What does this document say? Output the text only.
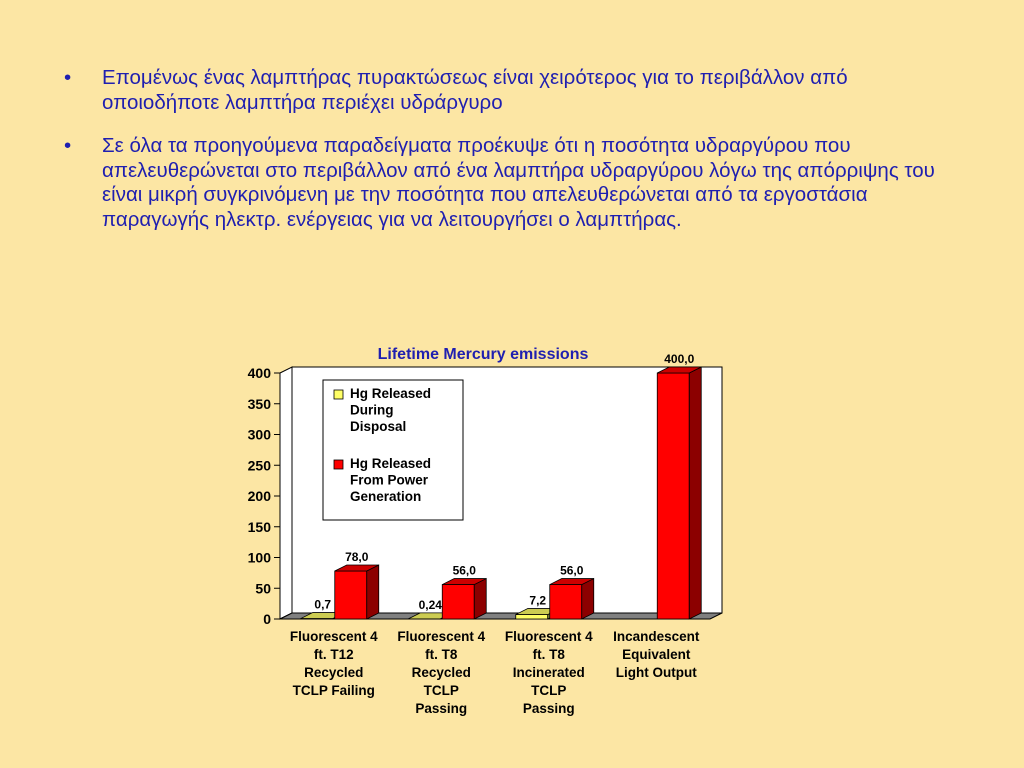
•	Επομένως ένας λαμπτήρας πυρακτώσεως είναι χειρότερος για το περιβάλλον από οποιοδήποτε λαμπτήρα περιέχει υδράργυρο
•	Σε όλα τα προηγούμενα παραδείγματα προέκυψε ότι η ποσότητα υδραργύρου που απελευθερώνεται στο περιβάλλον από ένα λαμπτήρα υδραργύρου λόγω της απόρριψης του είναι μικρή συγκρινόμενη με την ποσότητα που απελευθερώνεται από τα εργοστάσια παραγωγής ηλεκτρ. ενέργειας για να λειτουργήσει ο λαμπτήρας.
0
50
100
150
200
250
300
350
400
Lifetime Mercury emissions
0,7
78,0
Fluorescent 4
ft. T12
Recycled
TCLP Failing
0,24
56,0
Fluorescent 4
ft. T8
Recycled
TCLP
Passing
7,2
56,0
Fluorescent 4
ft. T8
Incinerated
TCLP
Passing
400,0
Incandescent
Equivalent
Light Output
Hg Released
During
Disposal
Hg Released
From Power
Generation
